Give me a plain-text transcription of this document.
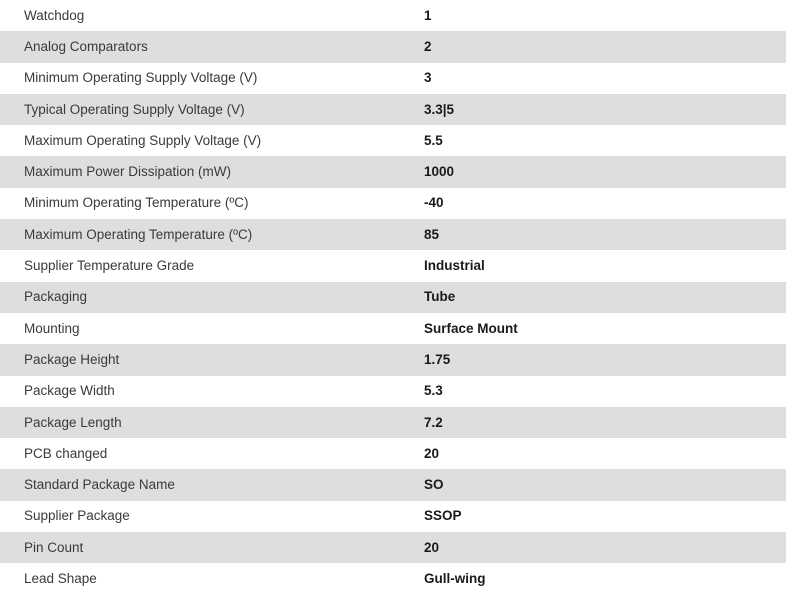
Watchdog	1
Analog Comparators	2
Minimum Operating Supply Voltage (V)	3
Typical Operating Supply Voltage (V)	3.3|5
Maximum Operating Supply Voltage (V)	5.5
Maximum Power Dissipation (mW)	1000
Minimum Operating Temperature (ºC)	-40
Maximum Operating Temperature (ºC)	85
Supplier Temperature Grade	Industrial
Packaging	Tube
Mounting	Surface Mount
Package Height	1.75
Package Width	5.3
Package Length	7.2
PCB changed	20
Standard Package Name	SO
Supplier Package	SSOP
Pin Count	20
Lead Shape	Gull-wing
